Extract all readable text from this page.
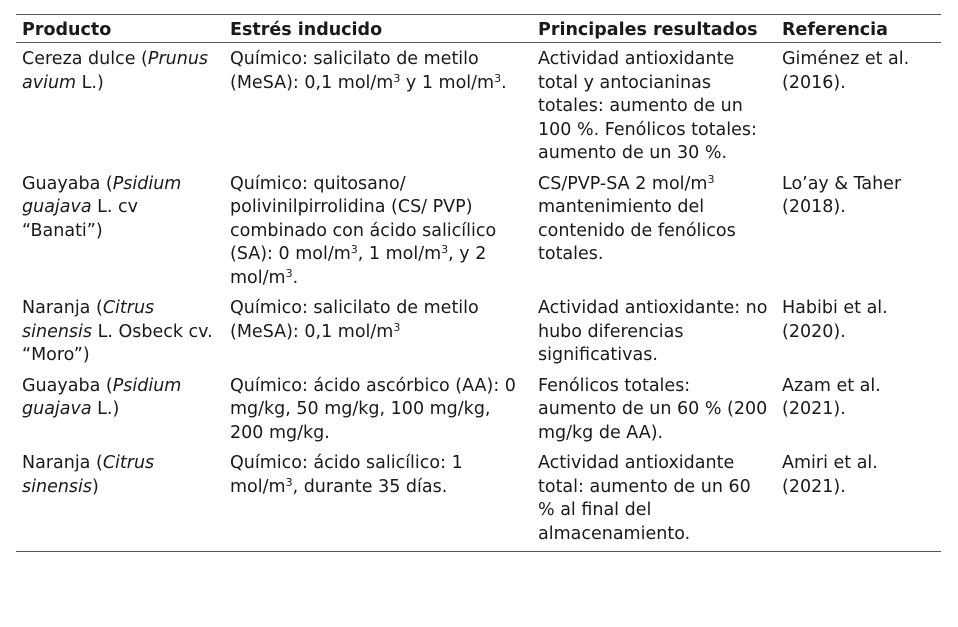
Producto	Estrés inducido	Principales resultados	Referencia
Cereza dulce (Prunus avium L.)	Químico: salicilato de metilo (MeSA): 0,1 mol/$m^3$ y 1 mol/$m^3$.	Actividad antioxidante total y antocianinas totales: aumento de un 100 %. Fenólicos totales: aumento de un 30 %.	Giménez et al. (2016).
Guayaba (Psidium guajava L. cv “Banati”)	Químico: quitosano/ polivinilpirrolidina (CS/ PVP) combinado con ácido salicílico (SA): 0 mol/$m^3$, 1 mol/$m^3$, y 2 mol/$m^3$.	CS/PVP-SA 2 mol/$m^3$ mantenimiento del contenido de fenólicos totales.	Lo’ay & Taher (2018).
Naranja (Citrus sinensis L. Osbeck cv. “Moro”)	Químico: salicilato de metilo (MeSA): 0,1 mol/$m^3$	Actividad antioxidante: no hubo diferencias significativas.	Habibi et al. (2020).
Guayaba (Psidium guajava L.)	Químico: ácido ascórbico (AA): 0 mg/kg, 50 mg/kg, 100 mg/kg, 200 mg/kg.	Fenólicos totales: aumento de un 60 % (200 mg/kg de AA).	Azam et al. (2021).
Naranja (Citrus sinensis)	Químico: ácido salicílico: 1 mol/$m^3$, durante 35 días.	Actividad antioxidante total: aumento de un 60 % al final del almacenamiento.	Amiri et al. (2021).
